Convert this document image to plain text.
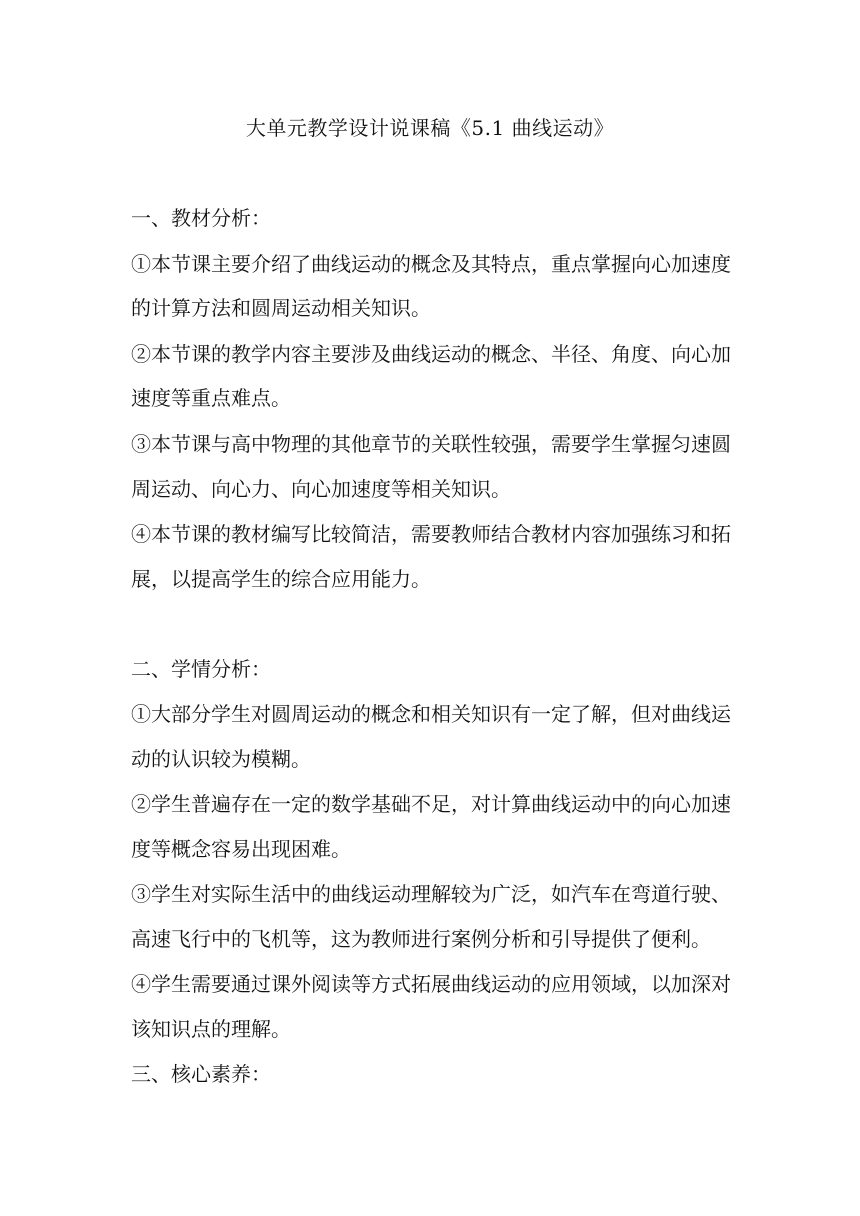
大单元教学设计说课稿《5.1 曲线运动》
一、教材分析：
①本节课主要介绍了曲线运动的概念及其特点，重点掌握向心加速度
的计算方法和圆周运动相关知识。
②本节课的教学内容主要涉及曲线运动的概念、半径、角度、向心加
速度等重点难点。
③本节课与高中物理的其他章节的关联性较强，需要学生掌握匀速圆
周运动、向心力、向心加速度等相关知识。
④本节课的教材编写比较简洁，需要教师结合教材内容加强练习和拓
展，以提高学生的综合应用能力。
二、学情分析：
①大部分学生对圆周运动的概念和相关知识有一定了解，但对曲线运
动的认识较为模糊。
②学生普遍存在一定的数学基础不足，对计算曲线运动中的向心加速
度等概念容易出现困难。
③学生对实际生活中的曲线运动理解较为广泛，如汽车在弯道行驶、
高速飞行中的飞机等，这为教师进行案例分析和引导提供了便利。
④学生需要通过课外阅读等方式拓展曲线运动的应用领域，以加深对
该知识点的理解。
三、核心素养：
